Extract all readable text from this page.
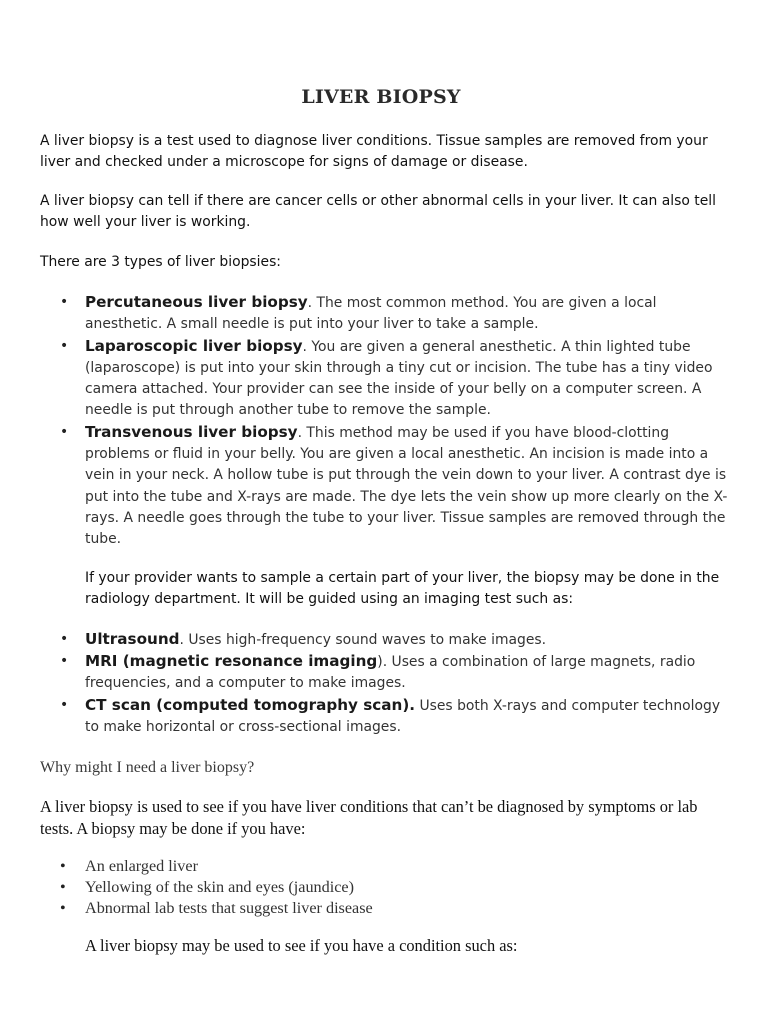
LIVER BIOPSY
A liver biopsy is a test used to diagnose liver conditions. Tissue samples are removed from your liver and checked under a microscope for signs of damage or disease.
A liver biopsy can tell if there are cancer cells or other abnormal cells in your liver. It can also tell how well your liver is working.
There are 3 types of liver biopsies:
• Percutaneous liver biopsy. The most common method. You are given a local anesthetic. A small needle is put into your liver to take a sample.
• Laparoscopic liver biopsy. You are given a general anesthetic. A thin lighted tube (laparoscope) is put into your skin through a tiny cut or incision. The tube has a tiny video camera attached. Your provider can see the inside of your belly on a computer screen. A needle is put through another tube to remove the sample.
• Transvenous liver biopsy. This method may be used if you have blood-clotting problems or fluid in your belly. You are given a local anesthetic. An incision is made into a vein in your neck. A hollow tube is put through the vein down to your liver. A contrast dye is put into the tube and X-rays are made. The dye lets the vein show up more clearly on the X-rays. A needle goes through the tube to your liver. Tissue samples are removed through the tube.
If your provider wants to sample a certain part of your liver, the biopsy may be done in the radiology department. It will be guided using an imaging test such as:
• Ultrasound. Uses high-frequency sound waves to make images.
• MRI (magnetic resonance imaging). Uses a combination of large magnets, radio frequencies, and a computer to make images.
• CT scan (computed tomography scan). Uses both X-rays and computer technology to make horizontal or cross-sectional images.
Why might I need a liver biopsy?
A liver biopsy is used to see if you have liver conditions that can’t be diagnosed by symptoms or lab tests. A biopsy may be done if you have:
• An enlarged liver
• Yellowing of the skin and eyes (jaundice)
• Abnormal lab tests that suggest liver disease
A liver biopsy may be used to see if you have a condition such as:
